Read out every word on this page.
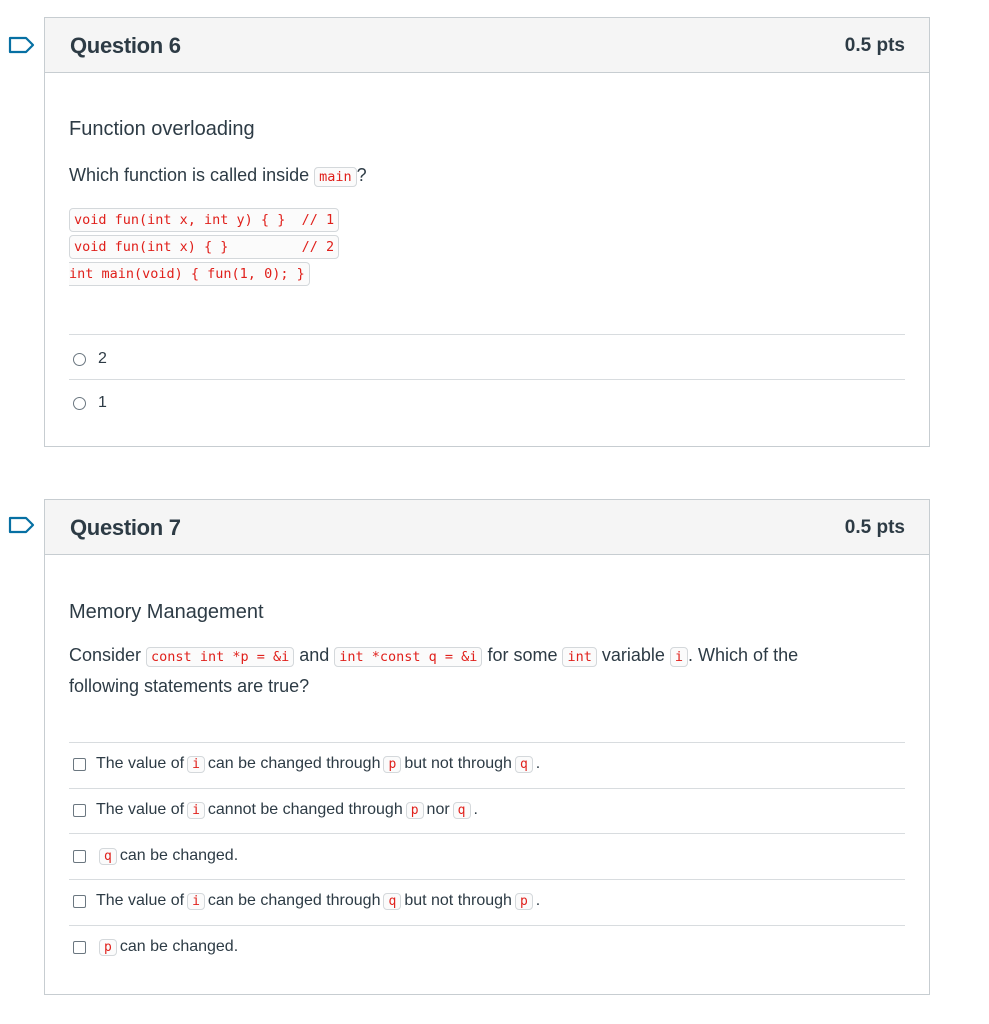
Question 6	0.5 pts
Function overloading
Which function is called inside main ?
void fun(int x, int y) { }  // 1
void fun(int x) { }         // 2
int main(void) { fun(1, 0); }
2
1
Question 7	0.5 pts
Memory Management
Consider const int *p = &i and int *const q = &i for some int variable i . Which of the
following statements are true?
The value of i can be changed through p but not through q .
The value of i cannot be changed through p nor q .
q can be changed.
The value of i can be changed through q but not through p .
p can be changed.
